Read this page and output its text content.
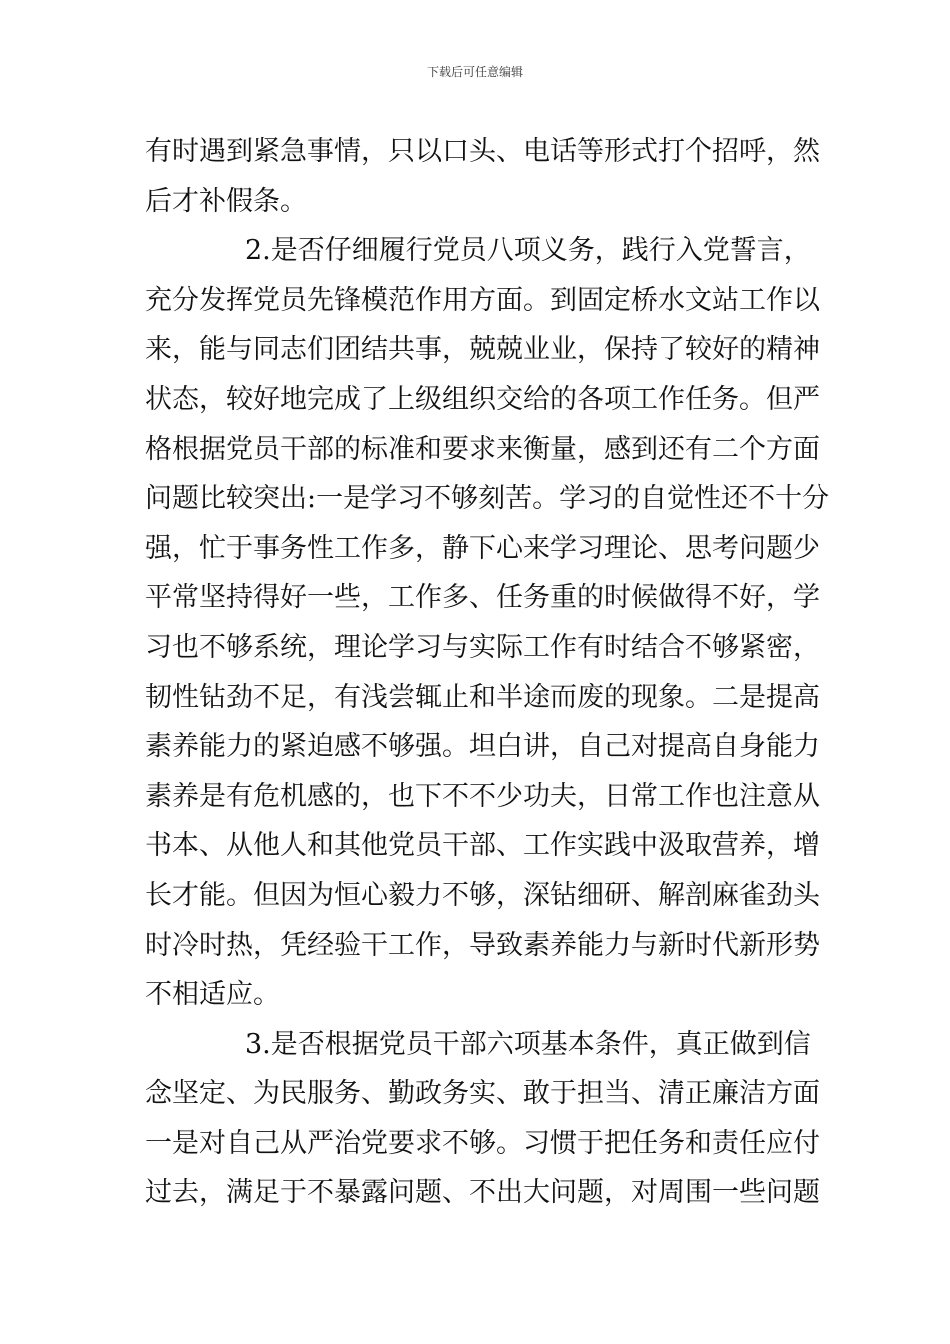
下载后可任意编辑
有时遇到紧急事情，只以口头、电话等形式打个招呼，然
后才补假条。
2.是否仔细履行党员八项义务，践行入党誓言，
充分发挥党员先锋模范作用方面。到固定桥水文站工作以
来，能与同志们团结共事，兢兢业业，保持了较好的精神
状态，较好地完成了上级组织交给的各项工作任务。但严
格根据党员干部的标准和要求来衡量，感到还有二个方面
问题比较突出:一是学习不够刻苦。学习的自觉性还不十分
强，忙于事务性工作多，静下心来学习理论、思考问题少
平常坚持得好一些，工作多、任务重的时候做得不好，学
习也不够系统，理论学习与实际工作有时结合不够紧密，
韧性钻劲不足，有浅尝辄止和半途而废的现象。二是提高
素养能力的紧迫感不够强。坦白讲，自己对提高自身能力
素养是有危机感的，也下不不少功夫，日常工作也注意从
书本、从他人和其他党员干部、工作实践中汲取营养，增
长才能。但因为恒心毅力不够，深钻细研、解剖麻雀劲头
时冷时热，凭经验干工作，导致素养能力与新时代新形势
不相适应。
3.是否根据党员干部六项基本条件，真正做到信
念坚定、为民服务、勤政务实、敢于担当、清正廉洁方面
一是对自己从严治党要求不够。习惯于把任务和责任应付
过去，满足于不暴露问题、不出大问题，对周围一些问题
